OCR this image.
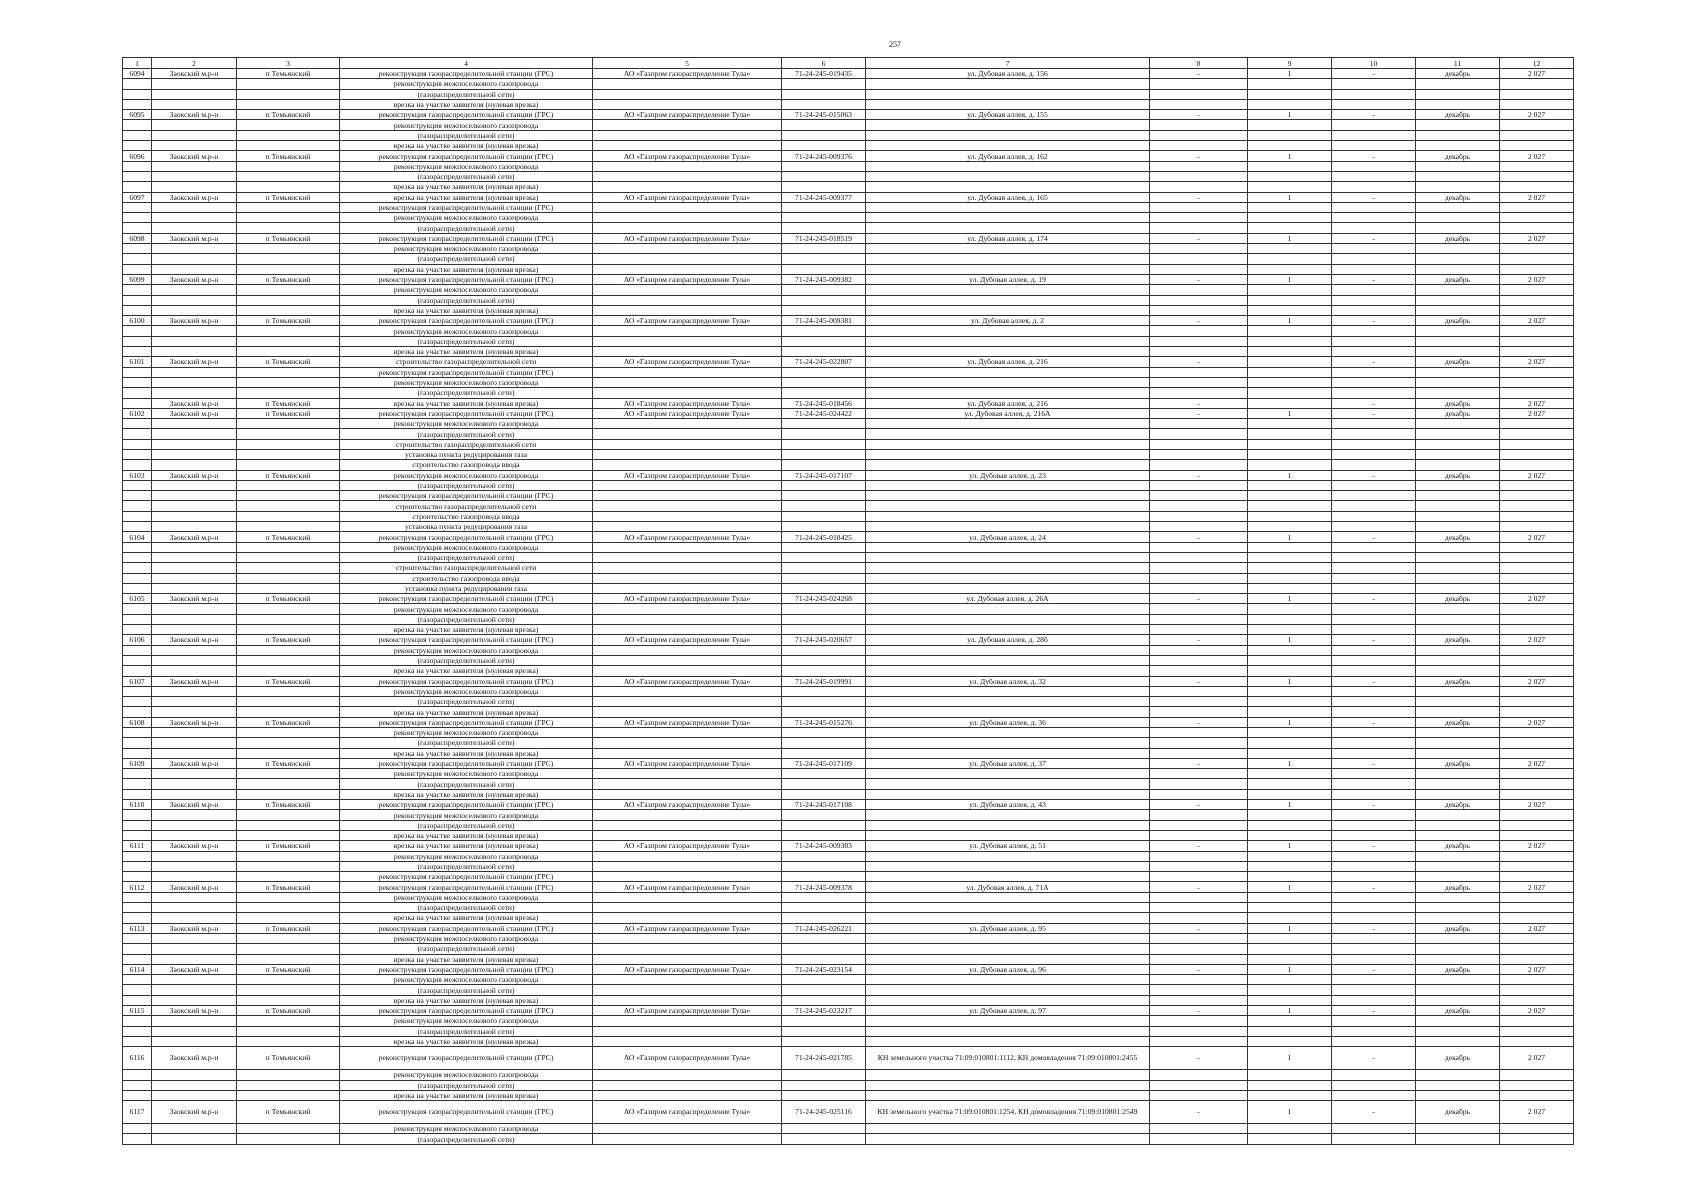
257
1	2	3	4	5	6	7	8	9	10	11	12
6094	Заокский м.р-н	п Темьянский	реконструкция газораспределительной станции (ГРС)	АО «Газпром газораспределение Тула»	71-24-245-019435	ул. Дубовая аллея, д. 156	-	1	-	декабрь	2 027
			реконструкция межпоселкового газопровода								
			(газораспределительной сети)								
			врезка на участке заявителя (нулевая врезка)								
6095	Заокский м.р-н	п Темьянский	реконструкция газораспределительной станции (ГРС)	АО «Газпром газораспределение Тула»	71-24-245-015063	ул. Дубовая аллея, д. 155	-	1	-	декабрь	2 027
			реконструкция межпоселкового газопровода								
			(газораспределительной сети)								
			врезка на участке заявителя (нулевая врезка)								
6096	Заокский м.р-н	п Темьянский	реконструкция газораспределительной станции (ГРС)	АО «Газпром газораспределение Тула»	71-24-245-009376	ул. Дубовая аллея, д. 162	-	1	-	декабрь	2 027
			реконструкция межпоселкового газопровода								
			(газораспределительной сети)								
			врезка на участке заявителя (нулевая врезка)								
6097	Заокский м.р-н	п Темьянский	врезка на участке заявителя (нулевая врезка)	АО «Газпром газораспределение Тула»	71-24-245-009377	ул. Дубовая аллея, д. 165	-	1	-	декабрь	2 027
			реконструкция газораспределительной станции (ГРС)								
			реконструкция межпоселкового газопровода								
			(газораспределительной сети)								
6098	Заокский м.р-н	п Темьянский	реконструкция газораспределительной станции (ГРС)	АО «Газпром газораспределение Тула»	71-24-245-018519	ул. Дубовая аллея, д. 174	-	1	-	декабрь	2 027
			реконструкция межпоселкового газопровода								
			(газораспределительной сети)								
			врезка на участке заявителя (нулевая врезка)								
6099	Заокский м.р-н	п Темьянский	реконструкция газораспределительной станции (ГРС)	АО «Газпром газораспределение Тула»	71-24-245-009382	ул. Дубовая аллея, д. 19	-	1	-	декабрь	2 027
			реконструкция межпоселкового газопровода								
			(газораспределительной сети)								
			врезка на участке заявителя (нулевая врезка)								
6100	Заокский м.р-н	п Темьянский	реконструкция газораспределительной станции (ГРС)	АО «Газпром газораспределение Тула»	71-24-245-009381	ул. Дубовая аллея, д. 2	-	1	-	декабрь	2 027
			реконструкция межпоселкового газопровода								
			(газораспределительной сети)								
			врезка на участке заявителя (нулевая врезка)								
6101	Заокский м.р-н	п Темьянский	строительство газораспределительной сети	АО «Газпром газораспределение Тула»	71-24-245-022807	ул. Дубовая аллея, д. 216	-		-	декабрь	2 027
			реконструкция газораспределительной станции (ГРС)								
			реконструкция межпоселкового газопровода								
			(газораспределительной сети)								
	Заокский м.р-н	п Темьянский	врезка на участке заявителя (нулевая врезка)	АО «Газпром газораспределение Тула»	71-24-245-018456	ул. Дубовая аллея, д. 216	-		-	декабрь	2 027
6102	Заокский м.р-н	п Темьянский	реконструкция газораспределительной станции (ГРС)	АО «Газпром газораспределение Тула»	71-24-245-024422	ул. Дубовая аллея, д. 216А	-	1	-	декабрь	2 027
			реконструкция межпоселкового газопровода								
			(газораспределительной сети)								
			строительство газораспределительной сети								
			установка пункта редуцирования газа								
			строительство газопровода ввода								
6103	Заокский м.р-н	п Темьянский	реконструкция межпоселкового газопровода	АО «Газпром газораспределение Тула»	71-24-245-017107	ул. Дубовая аллея, д. 23	-	1	-	декабрь	2 027
			(газораспределительной сети)								
			реконструкция газораспределительной станции (ГРС)								
			строительство газораспределительной сети								
			строительство газопровода ввода								
			установка пункта редуцирования газа								
6104	Заокский м.р-н	п Темьянский	реконструкция газораспределительной станции (ГРС)	АО «Газпром газораспределение Тула»	71-24-245-018425	ул. Дубовая аллея, д. 24	-	1	-	декабрь	2 027
			реконструкция межпоселкового газопровода								
			(газораспределительной сети)								
			строительство газораспределительной сети								
			строительство газопровода ввода								
			установка пункта редуцирования газа								
6105	Заокский м.р-н	п Темьянский	реконструкция газораспределительной станции (ГРС)	АО «Газпром газораспределение Тула»	71-24-245-024268	ул. Дубовая аллея, д. 26А	-	1	-	декабрь	2 027
			реконструкция межпоселкового газопровода								
			(газораспределительной сети)								
			врезка на участке заявителя (нулевая врезка)								
6106	Заокский м.р-н	п Темьянский	реконструкция газораспределительной станции (ГРС)	АО «Газпром газораспределение Тула»	71-24-245-020657	ул. Дубовая аллея, д. 28б	-	1	-	декабрь	2 027
			реконструкция межпоселкового газопровода								
			(газораспределительной сети)								
			врезка на участке заявителя (нулевая врезка)								
6107	Заокский м.р-н	п Темьянский	реконструкция газораспределительной станции (ГРС)	АО «Газпром газораспределение Тула»	71-24-245-019991	ул. Дубовая аллея, д. 32	-	1	-	декабрь	2 027
			реконструкция межпоселкового газопровода								
			(газораспределительной сети)								
			врезка на участке заявителя (нулевая врезка)								
6108	Заокский м.р-н	п Темьянский	реконструкция газораспределительной станции (ГРС)	АО «Газпром газораспределение Тула»	71-24-245-015276	ул. Дубовая аллея, д. 36	-	1	-	декабрь	2 027
			реконструкция межпоселкового газопровода								
			(газораспределительной сети)								
			врезка на участке заявителя (нулевая врезка)								
6109	Заокский м.р-н	п Темьянский	реконструкция газораспределительной станции (ГРС)	АО «Газпром газораспределение Тула»	71-24-245-017109	ул. Дубовая аллея, д. 37	-	1	-	декабрь	2 027
			реконструкция межпоселкового газопровода								
			(газораспределительной сети)								
			врезка на участке заявителя (нулевая врезка)								
6110	Заокский м.р-н	п Темьянский	реконструкция газораспределительной станции (ГРС)	АО «Газпром газораспределение Тула»	71-24-245-017108	ул. Дубовая аллея, д. 43	-	1	-	декабрь	2 027
			реконструкция межпоселкового газопровода								
			(газораспределительной сети)								
			врезка на участке заявителя (нулевая врезка)								
6111	Заокский м.р-н	п Темьянский	врезка на участке заявителя (нулевая врезка)	АО «Газпром газораспределение Тула»	71-24-245-009383	ул. Дубовая аллея, д. 51	-	1	-	декабрь	2 027
			реконструкция межпоселкового газопровода								
			(газораспределительной сети)								
			реконструкция газораспределительной станции (ГРС)								
6112	Заокский м.р-н	п Темьянский	реконструкция газораспределительной станции (ГРС)	АО «Газпром газораспределение Тула»	71-24-245-009378	ул. Дубовая аллея, д. 71А	-	1	-	декабрь	2 027
			реконструкция межпоселкового газопровода								
			(газораспределительной сети)								
			врезка на участке заявителя (нулевая врезка)								
6113	Заокский м.р-н	п Темьянский	реконструкция газораспределительной станции (ГРС)	АО «Газпром газораспределение Тула»	71-24-245-026221	ул. Дубовая аллея, д. 95	-	1	-	декабрь	2 027
			реконструкция межпоселкового газопровода								
			(газораспределительной сети)								
			врезка на участке заявителя (нулевая врезка)								
6114	Заокский м.р-н	п Темьянский	реконструкция газораспределительной станции (ГРС)	АО «Газпром газораспределение Тула»	71-24-245-023154	ул. Дубовая аллея, д. 96	-	1	-	декабрь	2 027
			реконструкция межпоселкового газопровода								
			(газораспределительной сети)								
			врезка на участке заявителя (нулевая врезка)								
6115	Заокский м.р-н	п Темьянский	реконструкция газораспределительной станции (ГРС)	АО «Газпром газораспределение Тула»	71-24-245-023217	ул. Дубовая аллея, д. 97	-	1	-	декабрь	2 027
			реконструкция межпоселкового газопровода								
			(газораспределительной сети)								
			врезка на участке заявителя (нулевая врезка)								
6116	Заокский м.р-н	п Темьянский	реконструкция газораспределительной станции (ГРС)	АО «Газпром газораспределение Тула»	71-24-245-021785	КН земельного участка 71:09:010801:1112, КН домовладения 71:09:010801:2455	-	1	-	декабрь	2 027
			реконструкция межпоселкового газопровода								
			(газораспределительной сети)								
			врезка на участке заявителя (нулевая врезка)								
6117	Заокский м.р-н	п Темьянский	реконструкция газораспределительной станции (ГРС)	АО «Газпром газораспределение Тула»	71-24-245-025116	КН земельного участка 71:09:010801:1254, КН домовладения 71:09:010801:2549	-	1	-	декабрь	2 027
			реконструкция межпоселкового газопровода								
			(газораспределительной сети)								
